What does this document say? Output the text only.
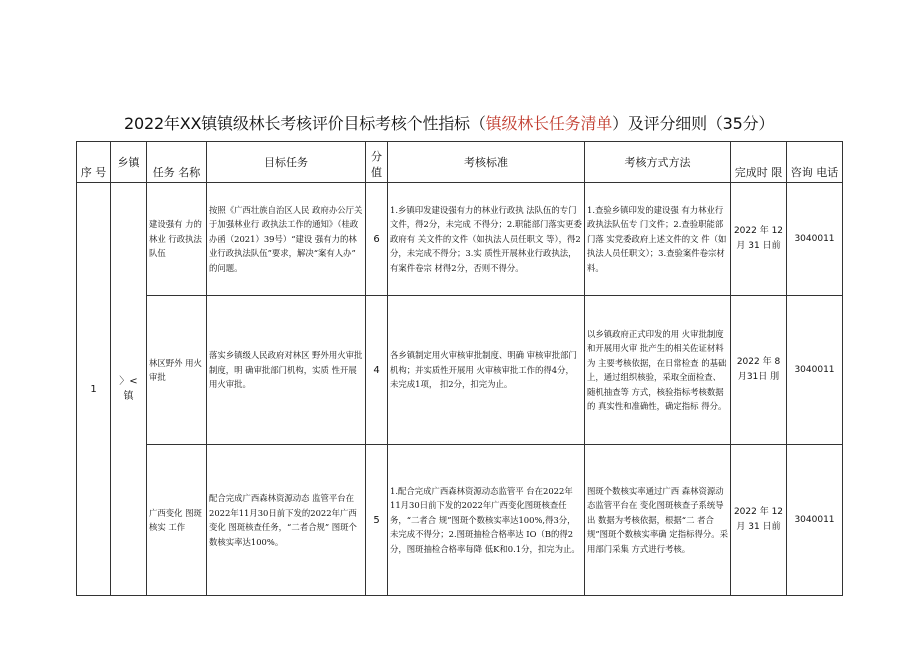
2022年XX镇镇级林长考核评价目标考核个性指标（镇级林长任务清单）及评分细则（35分）
序 号	乡镇	任务 名称	目标任务	分 值	考核标准	考核方式方法	完成时 限	咨询 电话
1	〉< 镇	建设强有 力的林业 行政执法 队伍	按照《广西壮族自治区人民 政府办公厅关于加强林业行 政执法工作的通知》（桂政 办函（2021）39号）“建设 强有力的林业行政执法队伍”要求，解决“案有人办” 的问题。	6	1.乡镇印发建设强有力的林业行政执 法队伍的专门文件，得2分，未完成 不得分；2.职能部门落实更委政府有 关文件的文件（如执法人员任职文 等），得2分，未完成不得分；3.实 质性开展林业行政执法，有案件卷宗 材得2分，否则不得分。	1.查验乡镇印发的建设强 有力林业行政执法队伍专 门文件；2.查验职能部门落 实党委政府上述文件的文 件（如执法人员任职文）；3.查验案件卷宗材料。	2022 年 12 月 31 日前	3040011
		林区野外 用火审批	落实乡镇级人民政府对林区 野外用火审批制度，明 确审批部门机构，实质 性开展用火审批。	4	各乡镇制定用火审核审批制度、明确 审核审批部门机构；并实质性开展用 火审核审批工作的得4分，未完成1项， 扣2分，扣完为止。	以乡镇政府正式印发的用 火审批制度和开展用火审 批产生的相关佐证材料为 主要考核依据，在日常检查 的基础上，通过组织核验，采取全面检查、随机抽查等 方式，核验指标考核数据的 真实性和准确性，确定指标 得分。	2022 年 8 月31日 刖	3040011
		广西变化 图斑核实 工作	配合完成广西森林资源动态 监管平台在2022年11月30日前下发的2022年广西变化 图斑核查任务，“二者合规” 图斑个数核实率达100%。	5	1.配合完成广西森林资源动态监管平 台在2022年11月30日前下发的2022年广西变化图斑核查任务，“二者合 规”图斑个数核实率达100%,得3分， 未完成不得分；2.图斑抽检合格率达 IO（B的得2分，图斑抽检合格率每降 低K和0.1分，扣完为止。	图斑个数核实率通过广西 森林资源动态监管平台在 变化图斑核查子系统导出 数据为考核依据，根据“二 者合规”图斑个数核实率确 定指标得分。采用部门采集 方式进行考核。	2022 年 12 月 31 日前	3040011
